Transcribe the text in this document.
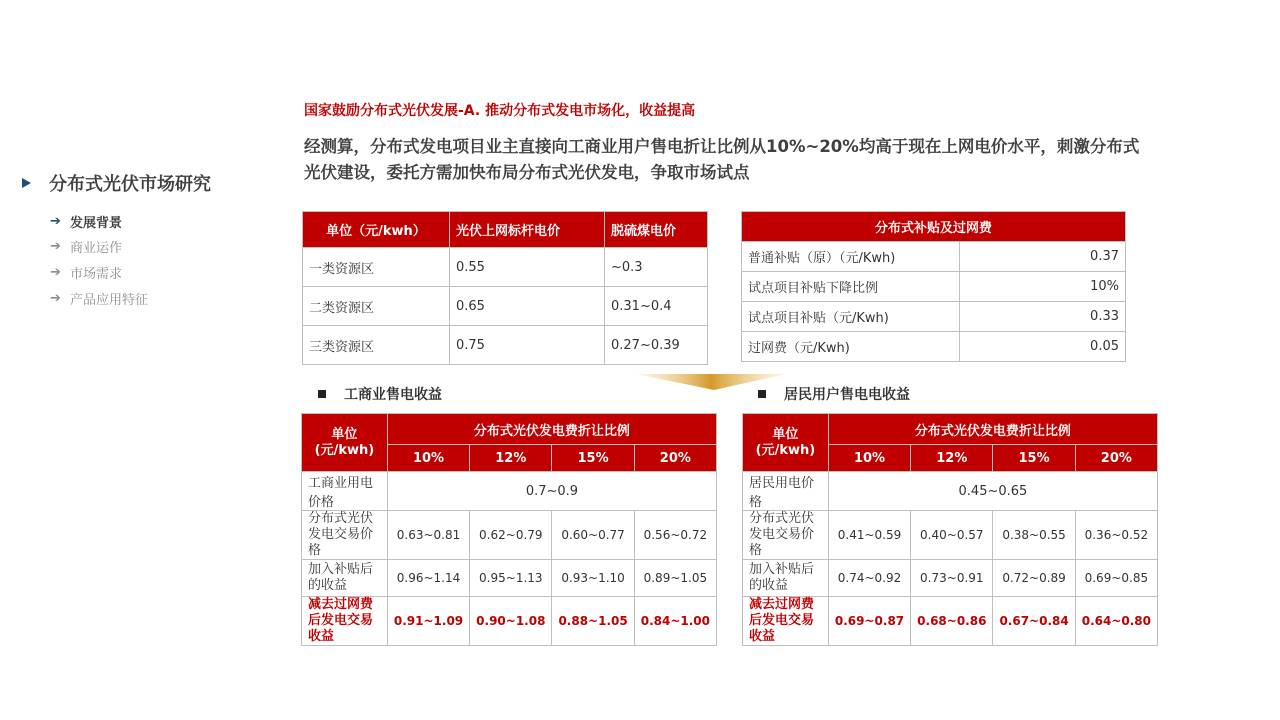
分布式光伏市场研究
➔ 发展背景
➔ 商业运作
➔ 市场需求
➔ 产品应用特征
国家鼓励分布式光伏发展-A. 推动分布式发电市场化，收益提高
经测算，分布式发电项目业主直接向工商业用户售电折让比例从10%~20%均高于现在上网电价水平，刺激分布式光伏建设，委托方需加快布局分布式光伏发电，争取市场试点
单位（元/kwh）	光伏上网标杆电价	脱硫煤电价
一类资源区	0.55	~0.3
二类资源区	0.65	0.31~0.4
三类资源区	0.75	0.27~0.39
分布式补贴及过网费	
普通补贴（原）（元/Kwh)	0.37
试点项目补贴下降比例	10%
试点项目补贴（元/Kwh)	0.33
过网费（元/Kwh)	0.05
工商业售电收益	居民用户售电电收益
单位
(元/kwh)	分布式光伏发电费折让比例			
	10%	12%	15%	20%
工商业用电价格	0.7~0.9			
分布式光伏发电交易价格	0.63~0.81	0.62~0.79	0.60~0.77	0.56~0.72
加入补贴后的收益	0.96~1.14	0.95~1.13	0.93~1.10	0.89~1.05
减去过网费后发电交易收益	0.91~1.09	0.90~1.08	0.88~1.05	0.84~1.00
单位
(元/kwh)	分布式光伏发电费折让比例			
	10%	12%	15%	20%
居民用电价格	0.45~0.65			
分布式光伏发电交易价格	0.41~0.59	0.40~0.57	0.38~0.55	0.36~0.52
加入补贴后的收益	0.74~0.92	0.73~0.91	0.72~0.89	0.69~0.85
减去过网费后发电交易收益	0.69~0.87	0.68~0.86	0.67~0.84	0.64~0.80
